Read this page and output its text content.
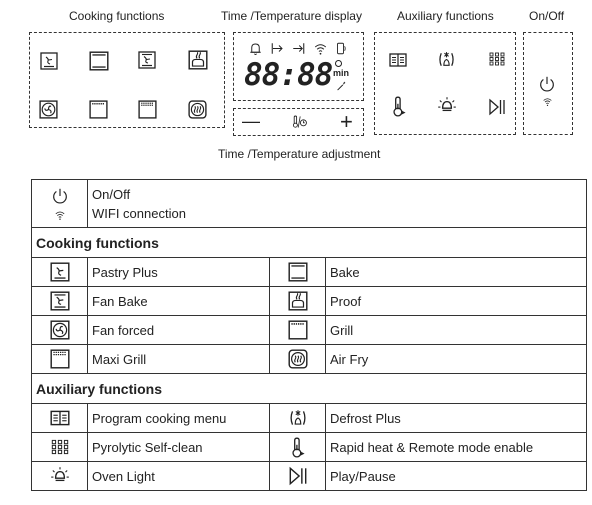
Cooking functions	Time /Temperature display	Auxiliary functions	On/Off
88:88 min
—	+
Time /Temperature adjustment

On/Off
WIFI connection		

Cooking functions			
	Pastry Plus		Bake
	Fan Bake		Proof
	Fan forced		Grill
	Maxi Grill		Air Fry
Auxiliary functions			
	Program cooking menu		Defrost Plus
	Pyrolytic Self-clean		Rapid heat & Remote mode enable
	Oven Light		Play/Pause
